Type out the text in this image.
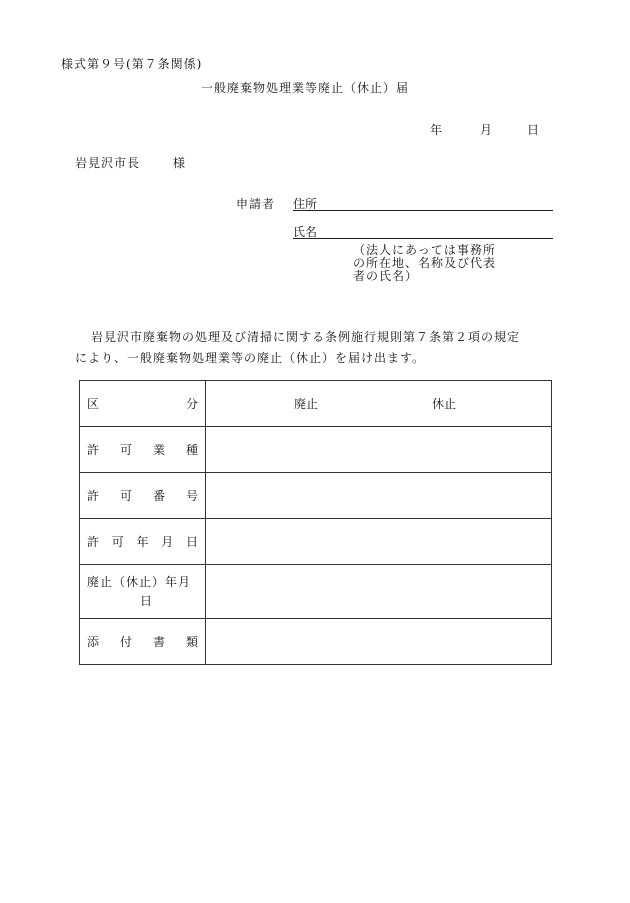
様式第９号(第７条関係)
一般廃棄物処理業等廃止（休止）届
年	月	日
岩見沢市長	様
申請者 住所
氏名
（法人にあっては事務所
の所在地、名称及び代表
者の氏名）
岩見沢市廃棄物の処理及び清掃に関する条例施行規則第７条第２項の規定
により、一般廃棄物処理業等の廃止（休止）を届け出ます。
区 分	廃止 休止

許 可 業 種	

許 可 番 号	

許 可 年 月 日	

廃止（休止）年月
日	

添 付 書 類	
